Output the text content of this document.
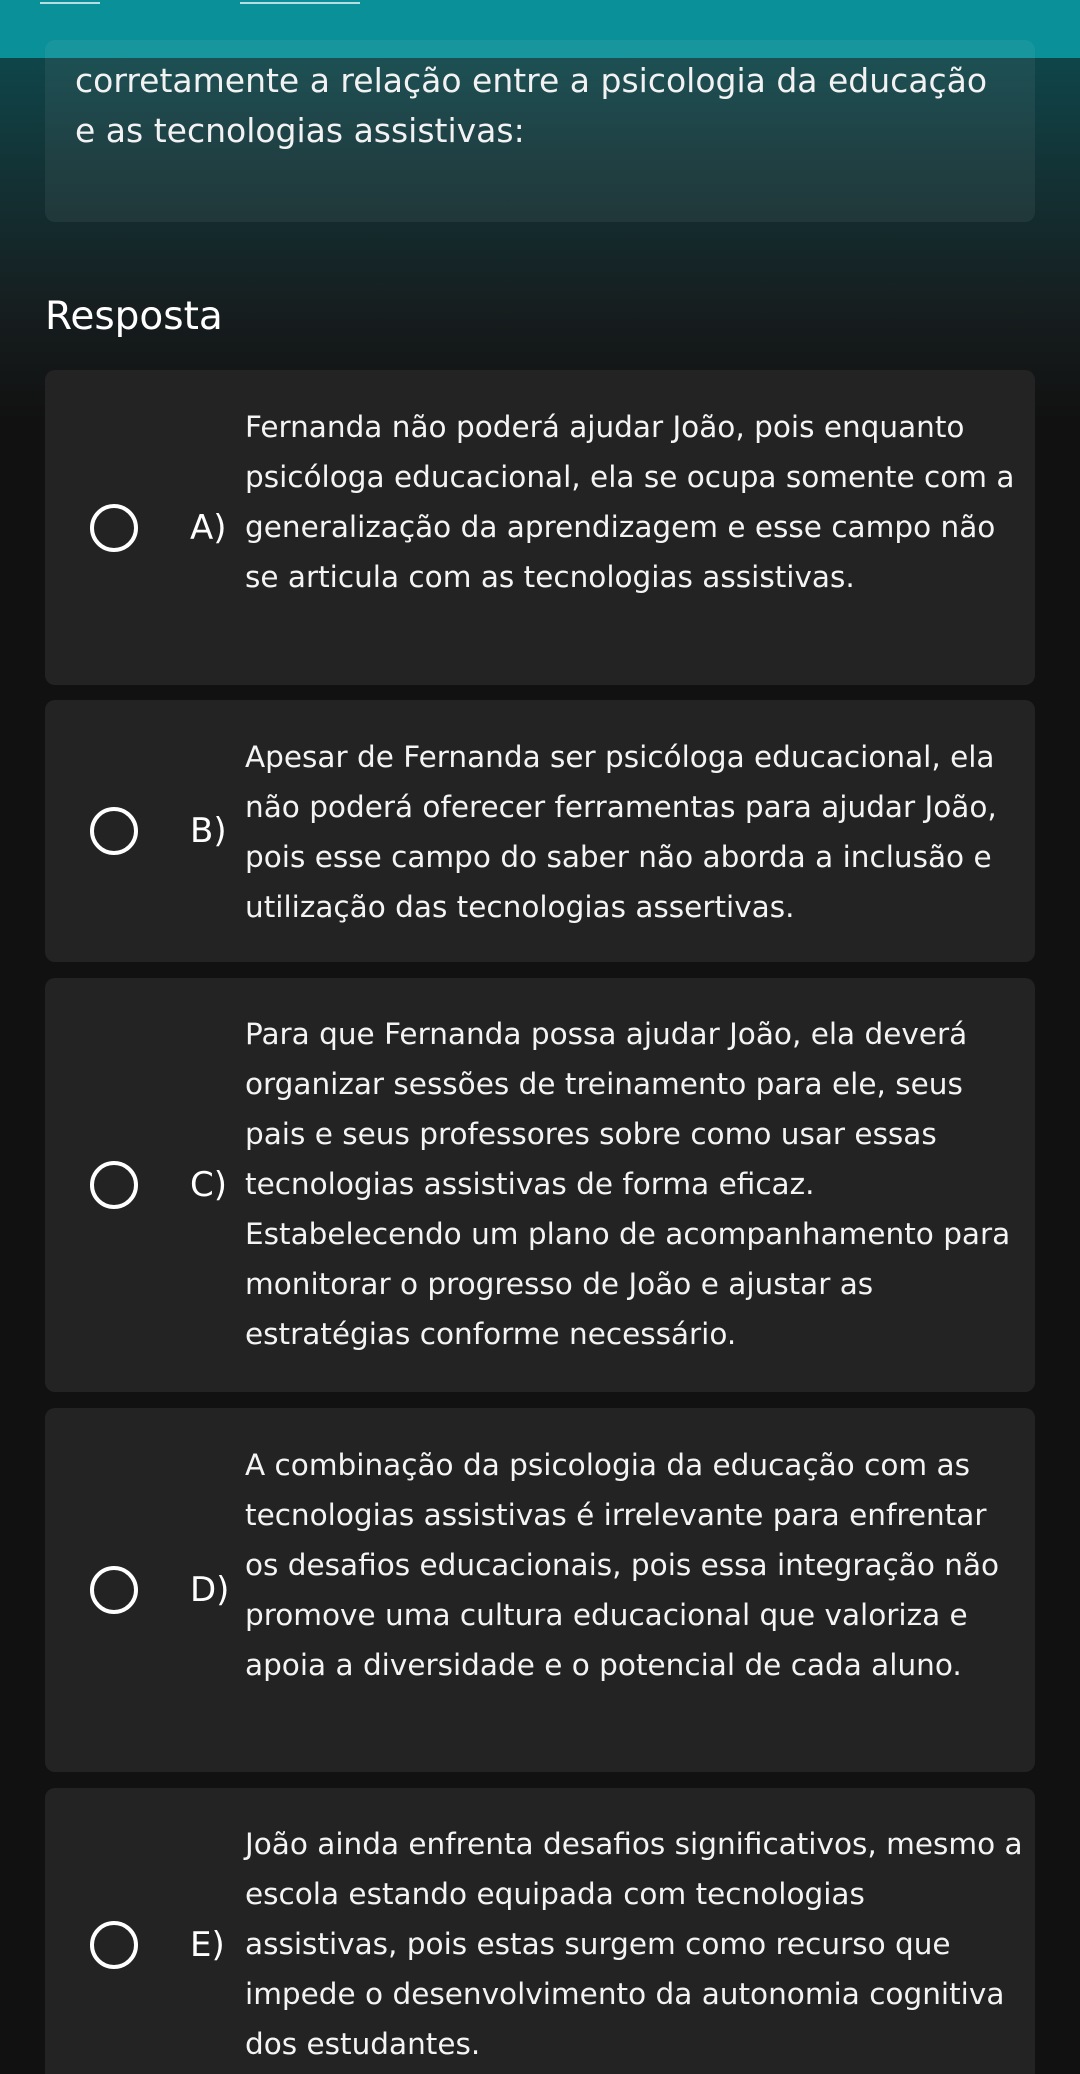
corretamente a relação entre a psicologia da educação e as tecnologias assistivas:
Resposta
A)
Fernanda não poderá ajudar João, pois enquanto psicóloga educacional, ela se ocupa somente com a generalização da aprendizagem e esse campo não se articula com as tecnologias assistivas.
B)
Apesar de Fernanda ser psicóloga educacional, ela não poderá oferecer ferramentas para ajudar João, pois esse campo do saber não aborda a inclusão e utilização das tecnologias assertivas.
C)
Para que Fernanda possa ajudar João, ela deverá organizar sessões de treinamento para ele, seus pais e seus professores sobre como usar essas tecnologias assistivas de forma eficaz. Estabelecendo um plano de acompanhamento para monitorar o progresso de João e ajustar as estratégias conforme necessário.
D)
A combinação da psicologia da educação com as tecnologias assistivas é irrelevante para enfrentar os desafios educacionais, pois essa integração não promove uma cultura educacional que valoriza e apoia a diversidade e o potencial de cada aluno.
E)
João ainda enfrenta desafios significativos, mesmo a escola estando equipada com tecnologias assistivas, pois estas surgem como recurso que impede o desenvolvimento da autonomia cognitiva dos estudantes.
